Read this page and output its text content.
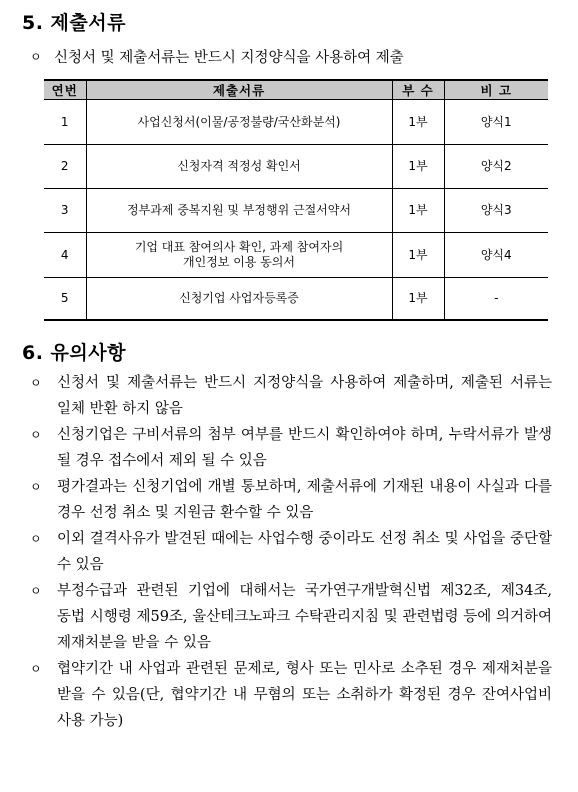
5. 제출서류
ㅇ 신청서 및 제출서류는 반드시 지정양식을 사용하여 제출
연번	제출서류	부 수	비 고
1	사업신청서(이물/공정불량/국산화분석)	1부	양식1
2	신청자격 적정성 확인서	1부	양식2
3	정부과제 중복지원 및 부정행위 근절서약서	1부	양식3
4	기업 대표 참여의사 확인, 과제 참여자의
개인정보 이용 동의서	1부	양식4
5	신청기업 사업자등록증	1부	-
6. 유의사항
ㅇ	신청서 및 제출서류는 반드시 지정양식을 사용하여 제출하며, 제출된 서류는 일체 반환 하지 않음
ㅇ	신청기업은 구비서류의 첨부 여부를 반드시 확인하여야 하며, 누락서류가 발생 될 경우 접수에서 제외 될 수 있음
ㅇ	평가결과는 신청기업에 개별 통보하며, 제출서류에 기재된 내용이 사실과 다를 경우 선정 취소 및 지원금 환수할 수 있음
ㅇ	이외 결격사유가 발견된 때에는 사업수행 중이라도 선정 취소 및 사업을 중단할 수 있음
ㅇ	부정수급과 관련된 기업에 대해서는 국가연구개발혁신법 제32조, 제34조, 동법 시행령 제59조, 울산테크노파크 수탁관리지침 및 관련법령 등에 의거하여 제재처분을 받을 수 있음
ㅇ	협약기간 내 사업과 관련된 문제로, 형사 또는 민사로 소추된 경우 제재처분을 받을 수 있음(단, 협약기간 내 무혐의 또는 소취하가 확정된 경우 잔여사업비 사용 가능)
